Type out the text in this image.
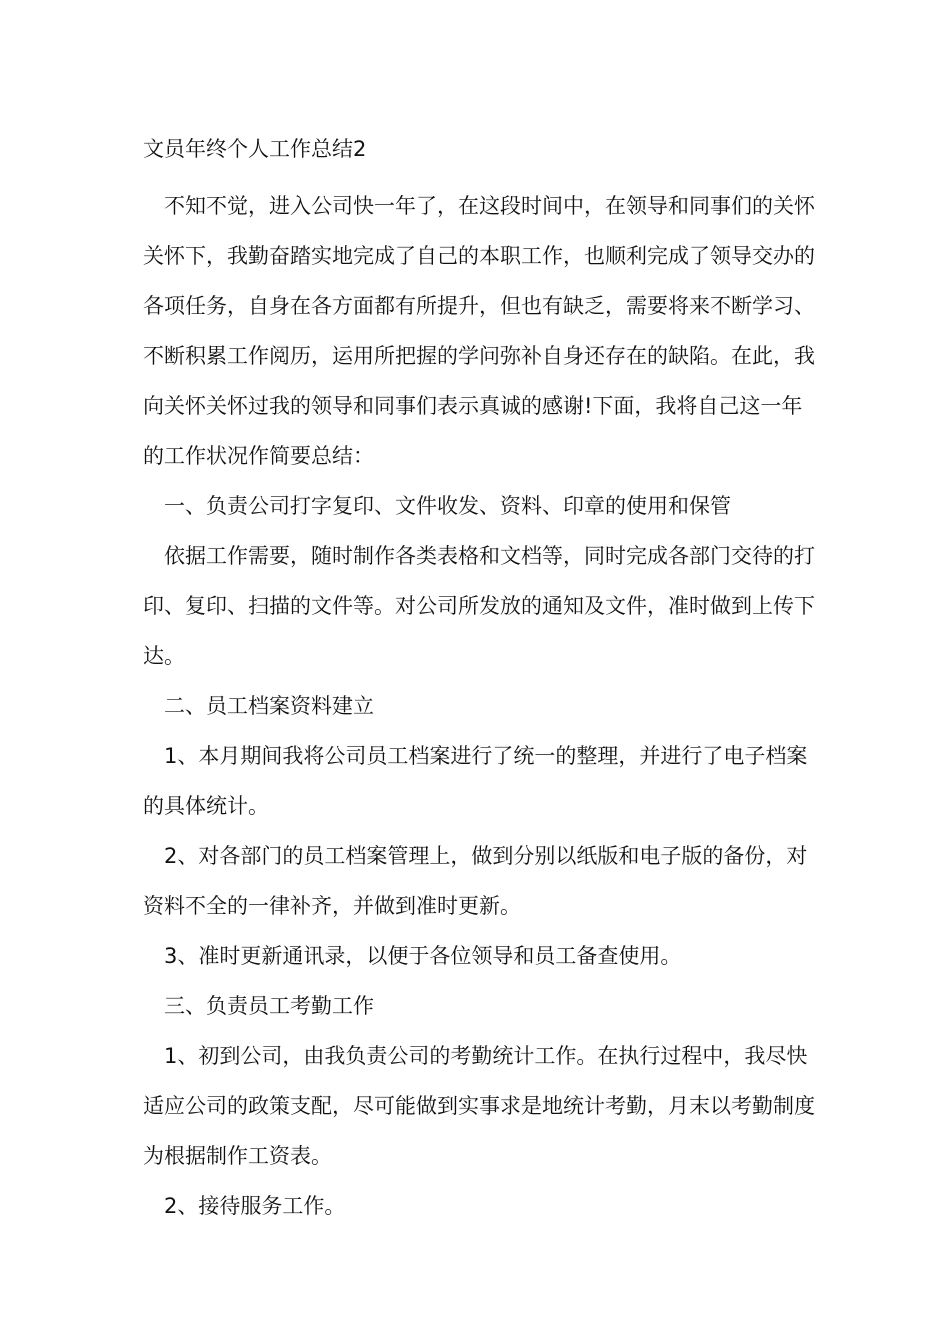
文员年终个人工作总结2

不知不觉，进入公司快一年了，在这段时间中，在领导和同事们的关怀关怀下，我勤奋踏实地完成了自己的本职工作，也顺利完成了领导交办的各项任务，自身在各方面都有所提升，但也有缺乏，需要将来不断学习、不断积累工作阅历，运用所把握的学问弥补自身还存在的缺陷。在此，我向关怀关怀过我的领导和同事们表示真诚的感谢!下面，我将自己这一年的工作状况作简要总结：

一、负责公司打字复印、文件收发、资料、印章的使用和保管

依据工作需要，随时制作各类表格和文档等，同时完成各部门交待的打印、复印、扫描的文件等。对公司所发放的通知及文件，准时做到上传下达。

二、员工档案资料建立

1、本月期间我将公司员工档案进行了统一的整理，并进行了电子档案的具体统计。

2、对各部门的员工档案管理上，做到分别以纸版和电子版的备份，对资料不全的一律补齐，并做到准时更新。

3、准时更新通讯录，以便于各位领导和员工备查使用。

三、负责员工考勤工作

1、初到公司，由我负责公司的考勤统计工作。在执行过程中，我尽快适应公司的政策支配，尽可能做到实事求是地统计考勤，月末以考勤制度为根据制作工资表。

2、接待服务工作。
